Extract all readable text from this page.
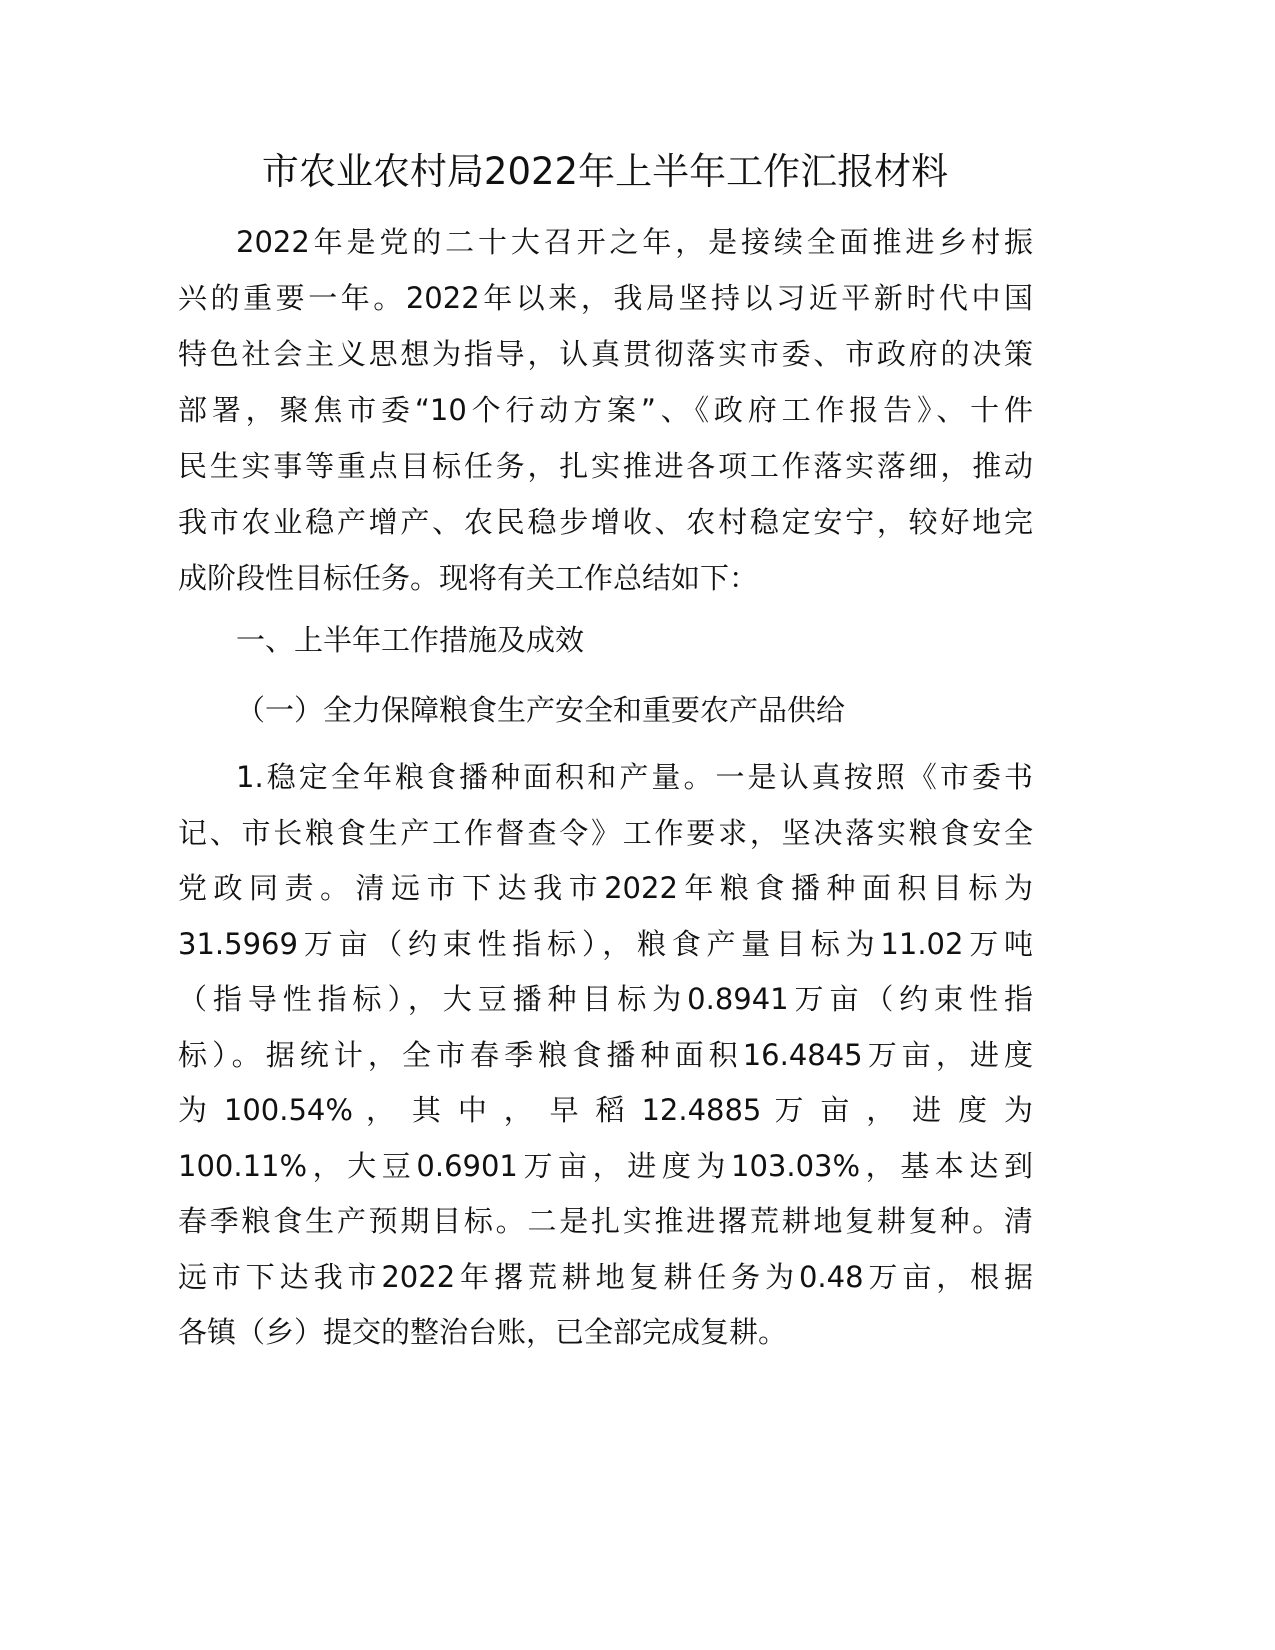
市农业农村局2022年上半年工作汇报材料
2022年是党的二十大召开之年，是接续全面推进乡村振
兴的重要一年。2022年以来，我局坚持以习近平新时代中国
特色社会主义思想为指导，认真贯彻落实市委、市政府的决策
部署，聚焦市委“10个行动方案”、《政府工作报告》、十件
民生实事等重点目标任务，扎实推进各项工作落实落细，推动
我市农业稳产增产、农民稳步增收、农村稳定安宁，较好地完
成阶段性目标任务。现将有关工作总结如下：
一、上半年工作措施及成效
（一）全力保障粮食生产安全和重要农产品供给
1.稳定全年粮食播种面积和产量。一是认真按照《市委书
记、市长粮食生产工作督查令》工作要求，坚决落实粮食安全
党政同责。清远市下达我市2022年粮食播种面积目标为
31.5969万亩（约束性指标），粮食产量目标为11.02万吨
（指导性指标），大豆播种目标为0.8941万亩（约束性指
标）。据统计，全市春季粮食播种面积16.4845万亩，进度
为 100.54% ， 其 中 ， 早 稻 12.4885 万 亩 ， 进 度 为
100.11%，大豆0.6901万亩，进度为103.03%，基本达到
春季粮食生产预期目标。二是扎实推进撂荒耕地复耕复种。清
远市下达我市2022年撂荒耕地复耕任务为0.48万亩，根据
各镇（乡）提交的整治台账，已全部完成复耕。
